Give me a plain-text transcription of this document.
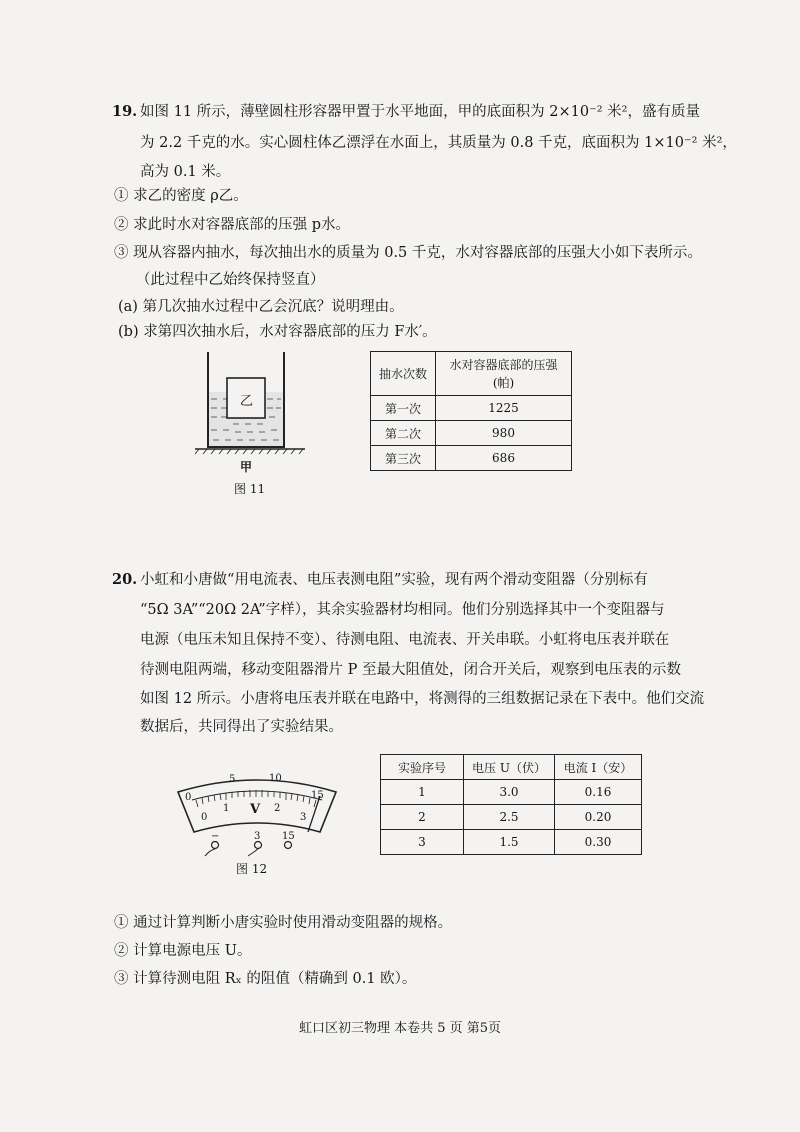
19. 如图 11 所示，薄壁圆柱形容器甲置于水平地面，甲的底面积为 2×10⁻² 米²，盛有质量
为 2.2 千克的水。实心圆柱体乙漂浮在水面上，其质量为 0.8 千克，底面积为 1×10⁻² 米²，
高为 0.1 米。
① 求乙的密度 ρ乙。
② 求此时水对容器底部的压强 p水。
③ 现从容器内抽水，每次抽出水的质量为 0.5 千克，水对容器底部的压强大小如下表所示。
（此过程中乙始终保持竖直）
(a) 第几次抽水过程中乙会沉底？说明理由。
(b) 求第四次抽水后，水对容器底部的压力 F水′。
乙
甲
图 11
抽水次数	水对容器底部的压强
(帕)
第一次	1225
第二次	980
第三次	686
20. 小虹和小唐做“用电流表、电压表测电阻”实验，现有两个滑动变阻器（分别标有
“5Ω 3A”“20Ω 2A”字样），其余实验器材均相同。他们分别选择其中一个变阻器与
电源（电压未知且保持不变）、待测电阻、电流表、开关串联。小虹将电压表并联在
待测电阻两端，移动变阻器滑片 P 至最大阻值处，闭合开关后，观察到电压表的示数
如图 12 所示。小唐将电压表并联在电路中，将测得的三组数据记录在下表中。他们交流
数据后，共同得出了实验结果。
5	10
15
0
0
1	2
3
V
−	3 15
图 12
实验序号	电压 U（伏）	电流 I（安）
1	3.0	0.16
2	2.5	0.20
3	1.5	0.30
① 通过计算判断小唐实验时使用滑动变阻器的规格。
② 计算电源电压 U。
③ 计算待测电阻 Rₓ 的阻值（精确到 0.1 欧）。
虹口区初三物理 本卷共 5 页 第5页
